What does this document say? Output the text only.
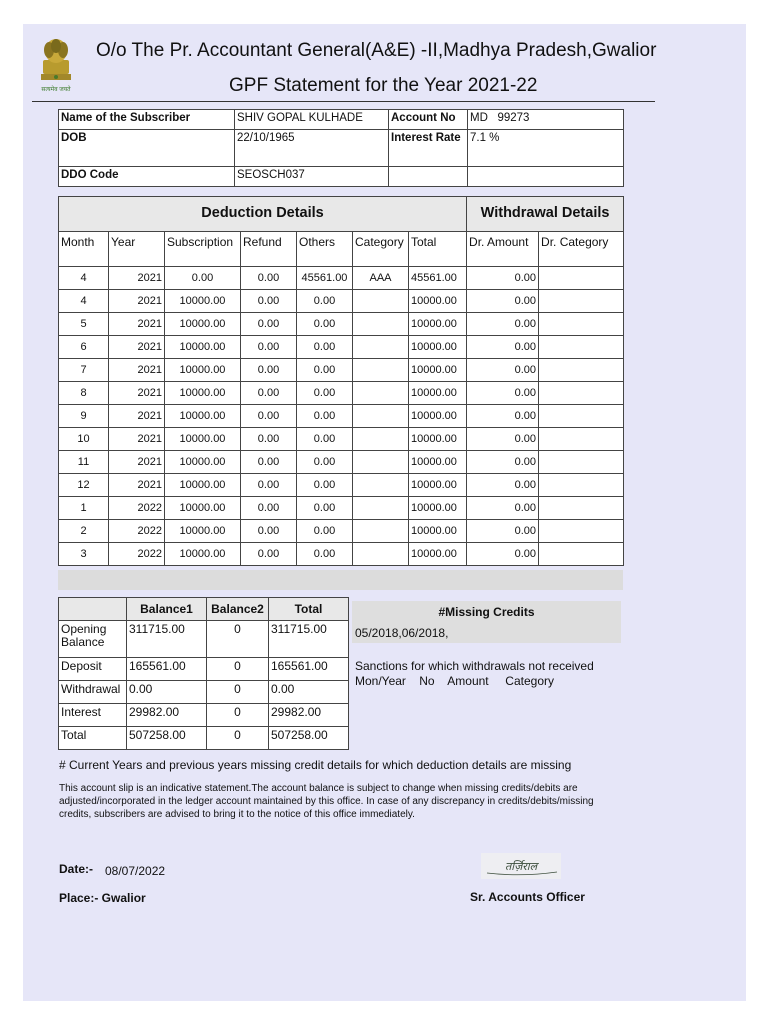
सत्यमेव जयते
O/o The Pr. Accountant General(A&E) -II,Madhya Pradesh,Gwalior
GPF Statement for the Year 2021-22
Name of the Subscriber	SHIV GOPAL KULHADE	Account No	MD   99273
DOB	22/10/1965	Interest Rate	7.1 %
DDO Code	SEOSCH037		
Deduction Details							Withdrawal Details	
Month	Year	Subscription	Refund	Others	Category	Total	Dr. Amount	Dr. Category
4	2021	0.00	0.00	45561.00	AAA	45561.00	0.00	
4	2021	10000.00	0.00	0.00		10000.00	0.00	
5	2021	10000.00	0.00	0.00		10000.00	0.00	
6	2021	10000.00	0.00	0.00		10000.00	0.00	
7	2021	10000.00	0.00	0.00		10000.00	0.00	
8	2021	10000.00	0.00	0.00		10000.00	0.00	
9	2021	10000.00	0.00	0.00		10000.00	0.00	
10	2021	10000.00	0.00	0.00		10000.00	0.00	
11	2021	10000.00	0.00	0.00		10000.00	0.00	
12	2021	10000.00	0.00	0.00		10000.00	0.00	
1	2022	10000.00	0.00	0.00		10000.00	0.00	
2	2022	10000.00	0.00	0.00		10000.00	0.00	
3	2022	10000.00	0.00	0.00		10000.00	0.00	
	Balance1	Balance2	Total
Opening Balance	311715.00	0	311715.00
Deposit	165561.00	0	165561.00
Withdrawal	0.00	0	0.00
Interest	29982.00	0	29982.00
Total	507258.00	0	507258.00
#Missing Credits
05/2018,06/2018,
Sanctions for which withdrawals not received
Mon/Year    No    Amount     Category
# Current Years and previous years missing credit details for which deduction details are missing
This account slip is an indicative statement.The account balance is subject to change when missing credits/debits are adjusted/incorporated in the ledger account maintained by this office. In case of any discrepancy in credits/debits/missing credits, subscribers are advised to bring it to the notice of this office immediately.
Date:- 08/07/2022
Place:- Gwalior
तर्ज़िराल
Sr. Accounts Officer
